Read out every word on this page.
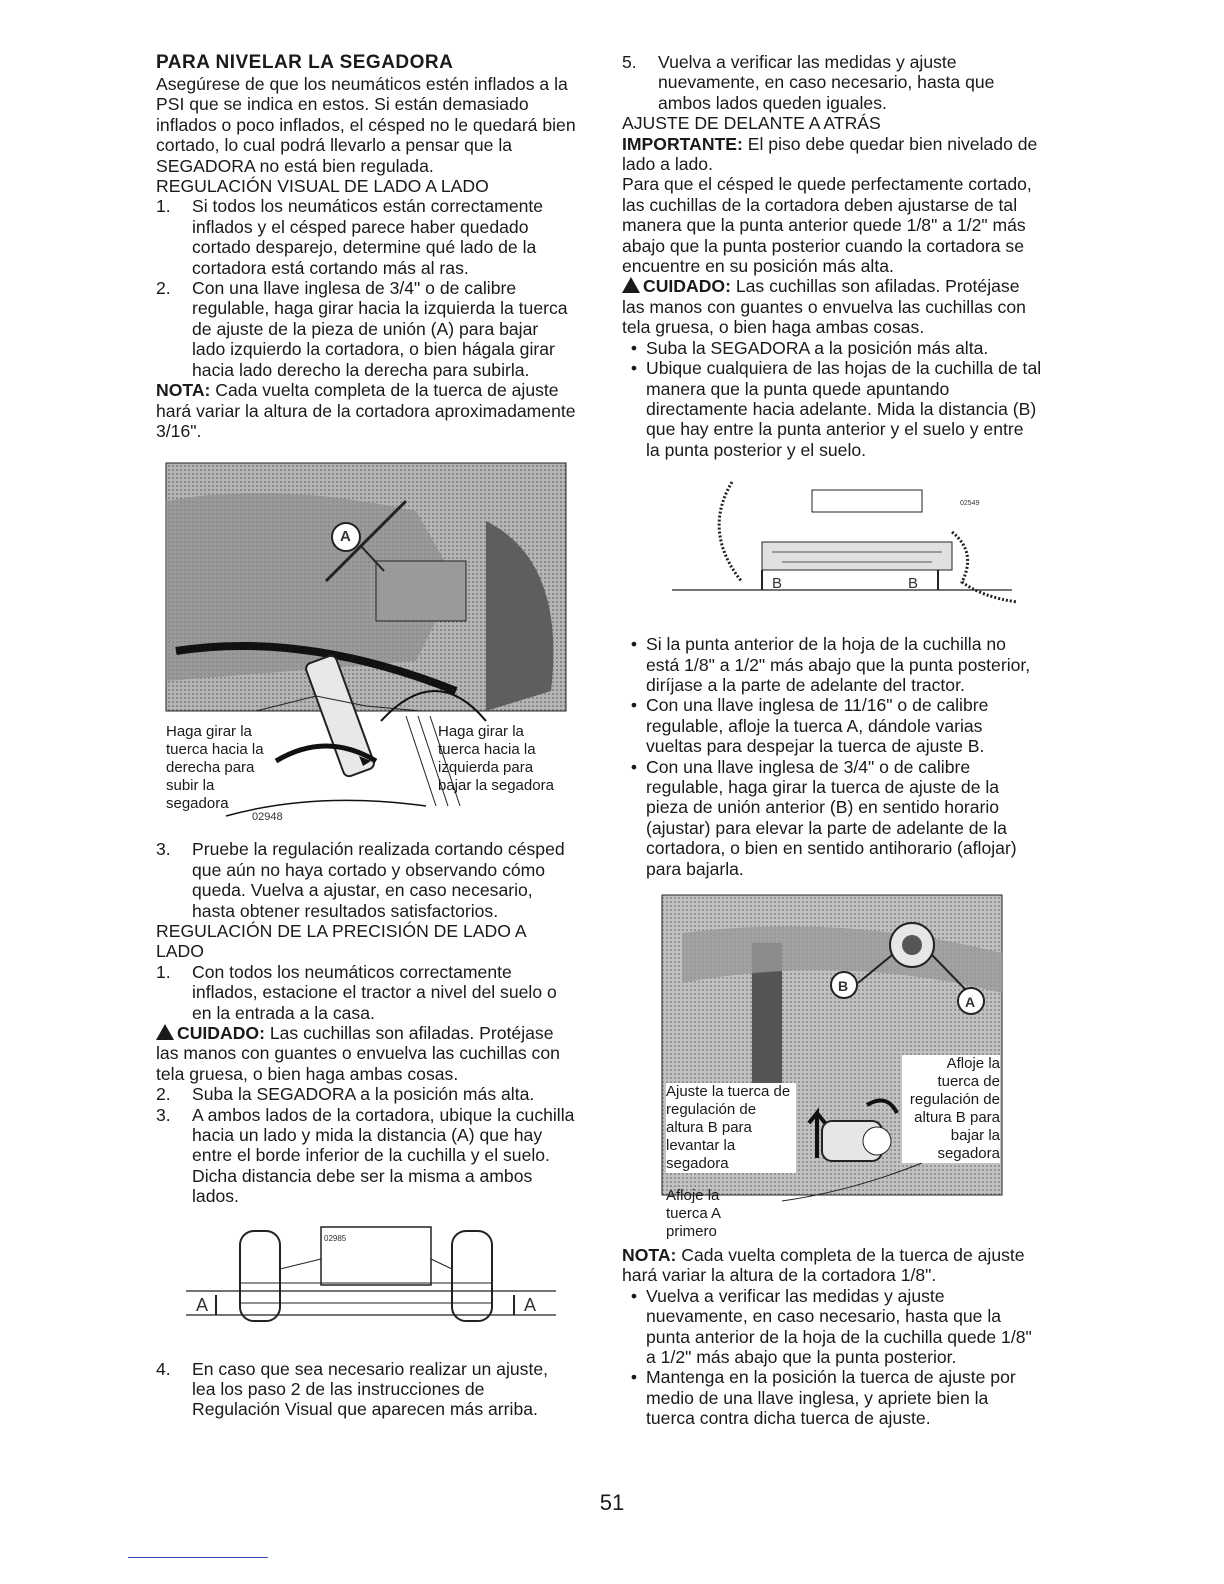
PARA NIVELAR LA SEGADORA

Asegúrese de que los neumáticos estén inflados a la PSI que se indica en estos. Si están demasiado inflados o poco inflados, el césped no le quedará bien cortado, lo cual podrá llevarlo a pensar que la SEGADORA no está bien regulada.

REGULACIÓN VISUAL DE LADO A LADO

1.	Si todos los neumáticos están correctamente inflados y el césped parece haber quedado cortado desparejo, determine qué lado de la cortadora está cortando más al ras.
2.	Con una llave inglesa de 3/4" o de calibre regulable, haga girar hacia la izquierda la tuerca de ajuste de la pieza de unión (A) para bajar lado izquierdo la cortadora, o bien hágala girar hacia lado derecho la derecha para subirla.

NOTA: Cada vuelta completa de la tuerca de ajuste hará variar la altura de la cortadora aproximadamente 3/16".

A
Haga girar la tuerca hacia la derecha para subir la segadora
Haga girar la tuerca hacia la izquierda para bajar la segadora
02948
3.	Pruebe la regulación realizada cortando césped que aún no haya cortado y observando cómo queda. Vuelva a ajustar, en caso necesario, hasta obtener resultados satisfactorios.

REGULACIÓN DE LA PRECISIÓN DE LADO A LADO

1.	Con todos los neumáticos correctamente inflados, estacione el tractor a nivel del suelo o en la entrada a la casa.

CUIDADO: Las cuchillas son afiladas. Protéjase las manos con guantes o envuelva las cuchillas con tela gruesa, o bien haga ambas cosas.

2.	Suba la SEGADORA a la posición más alta.
3.	A ambos lados de la cortadora, ubique la cuchilla hacia un lado y mida la distancia (A) que hay entre el borde inferior de la cuchilla y el suelo. Dicha distancia debe ser la misma a ambos lados.
A	A
02985
4.	En caso que sea necesario realizar un ajuste, lea los paso 2 de las instrucciones de Regulación Visual que aparecen más arriba.
5.	Vuelva a verificar las medidas y ajuste nuevamente, en caso necesario, hasta que ambos lados queden iguales.

AJUSTE DE DELANTE A ATRÁS

IMPORTANTE: El piso debe quedar bien nivelado de lado a lado.

Para que el césped le quede perfectamente cortado, las cuchillas de la cortadora deben ajustarse de tal manera que la punta anterior quede 1/8" a 1/2" más abajo que la punta posterior cuando la cortadora se encuentre en su posición más alta.

CUIDADO: Las cuchillas son afiladas. Protéjase las manos con guantes o envuelva las cuchillas con tela gruesa, o bien haga ambas cosas.

• Suba la SEGADORA a la posición más alta.
• Ubique cualquiera de las hojas de la cuchilla de tal manera que la punta quede apuntando directamente hacia adelante. Mida la distancia (B) que hay entre la punta anterior y el suelo y entre la punta posterior y el suelo.
B	B
02549
• Si la punta anterior de la hoja de la cuchilla no está 1/8" a 1/2" más abajo que la punta posterior, diríjase a la parte de adelante del tractor.
• Con una llave inglesa de 11/16" o de calibre regulable, afloje la tuerca A, dándole varias vueltas para despejar la tuerca de ajuste B.
• Con una llave inglesa de 3/4" o de calibre regulable, haga girar la tuerca de ajuste de la pieza de unión anterior (B) en sentido horario (ajustar) para elevar la parte de adelante de la cortadora, o bien en sentido antihorario (aflojar) para bajarla.
B
A
Ajuste la tuerca de regulación de altura B para levantar la segadora
Afloje la tuerca de regulación de altura B para bajar la segadora
Afloje la tuerca A primero

NOTA: Cada vuelta completa de la tuerca de ajuste hará variar la altura de la cortadora 1/8".

• Vuelva a verificar las medidas y ajuste nuevamente, en caso necesario, hasta que la punta anterior de la hoja de la cuchilla quede 1/8" a 1/2" más abajo que la punta posterior.
• Mantenga en la posición la tuerca de ajuste por medio de una llave inglesa, y apriete bien la tuerca contra dicha tuerca de ajuste.
51
